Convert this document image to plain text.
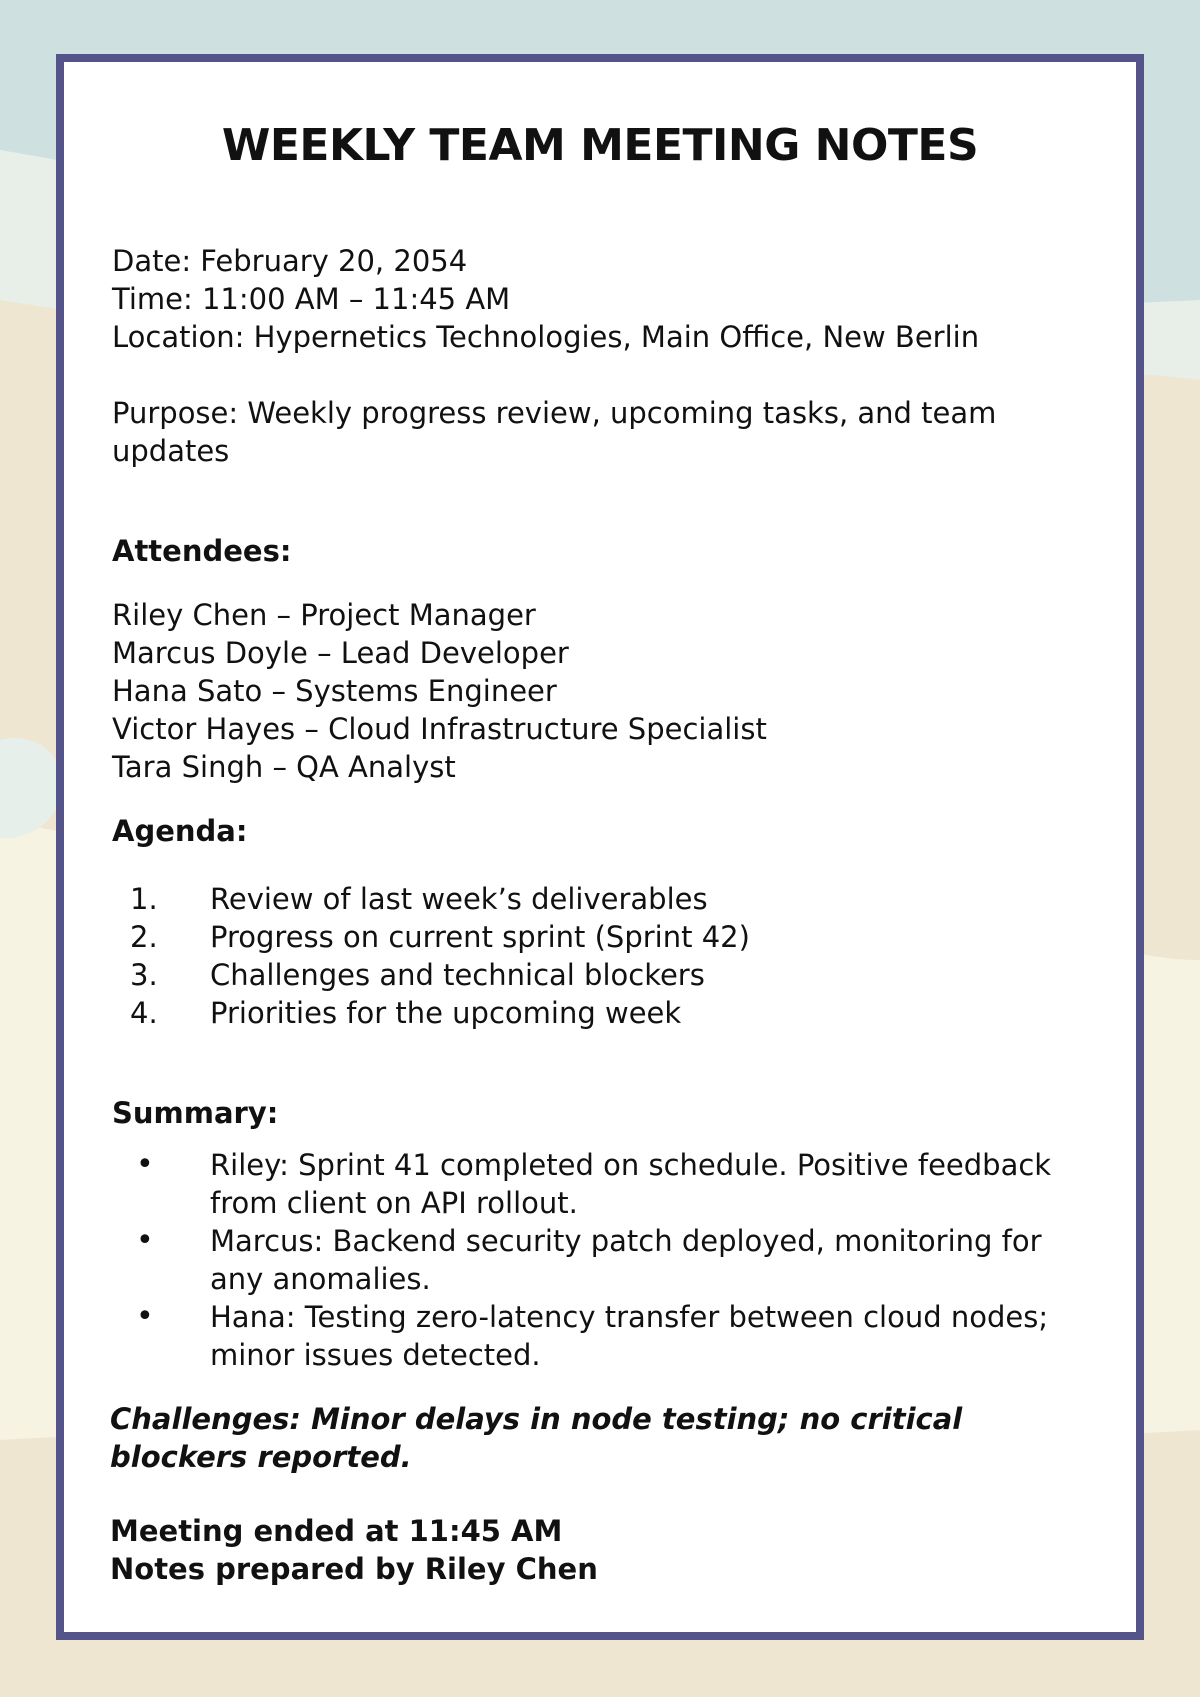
WEEKLY TEAM MEETING NOTES
Date: February 20, 2054
Time: 11:00 AM – 11:45 AM
Location: Hypernetics Technologies, Main Office, New Berlin

Purpose: Weekly progress review, upcoming tasks, and team updates

Attendees:
Riley Chen – Project Manager
Marcus Doyle – Lead Developer
Hana Sato – Systems Engineer
Victor Hayes – Cloud Infrastructure Specialist
Tara Singh – QA Analyst
Agenda:
1. Review of last week’s deliverables
2. Progress on current sprint (Sprint 42)
3. Challenges and technical blockers
4. Priorities for the upcoming week
Summary:
• Riley: Sprint 41 completed on schedule. Positive feedback from client on API rollout.
• Marcus: Backend security patch deployed, monitoring for any anomalies.
• Hana: Testing zero-latency transfer between cloud nodes; minor issues detected.

Challenges: Minor delays in node testing; no critical blockers reported.

Meeting ended at 11:45 AM
Notes prepared by Riley Chen
